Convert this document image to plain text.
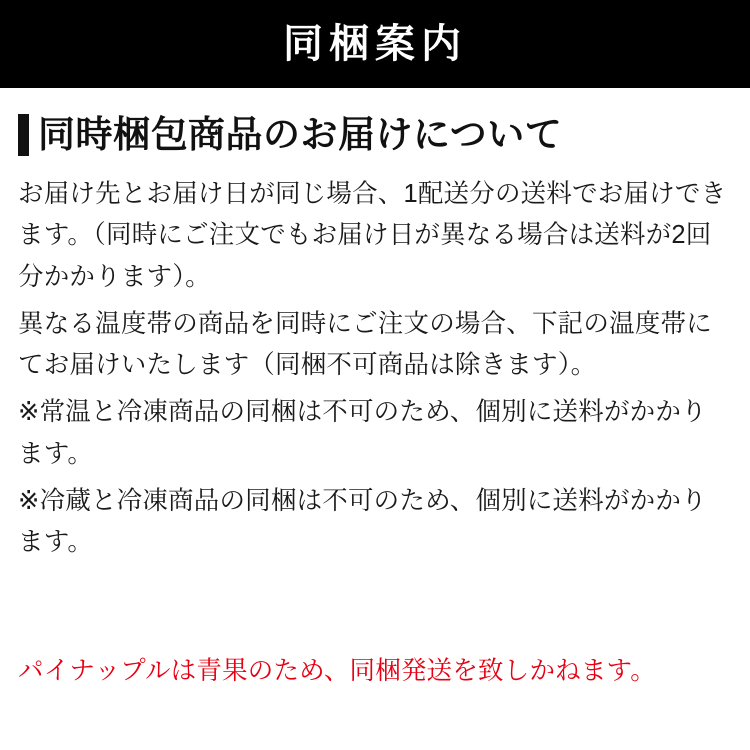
同梱案内
同時梱包商品のお届けについて

お届け先とお届け日が同じ場合、1配送分の送料でお届けできます。（同時にご注文でもお届け日が異なる場合は送料が2回分かかります）。

異なる温度帯の商品を同時にご注文の場合、下記の温度帯にてお届けいたします（同梱不可商品は除きます）。

※常温と冷凍商品の同梱は不可のため、個別に送料がかかります。

※冷蔵と冷凍商品の同梱は不可のため、個別に送料がかかります。

パイナップルは青果のため、同梱発送を致しかねます。
